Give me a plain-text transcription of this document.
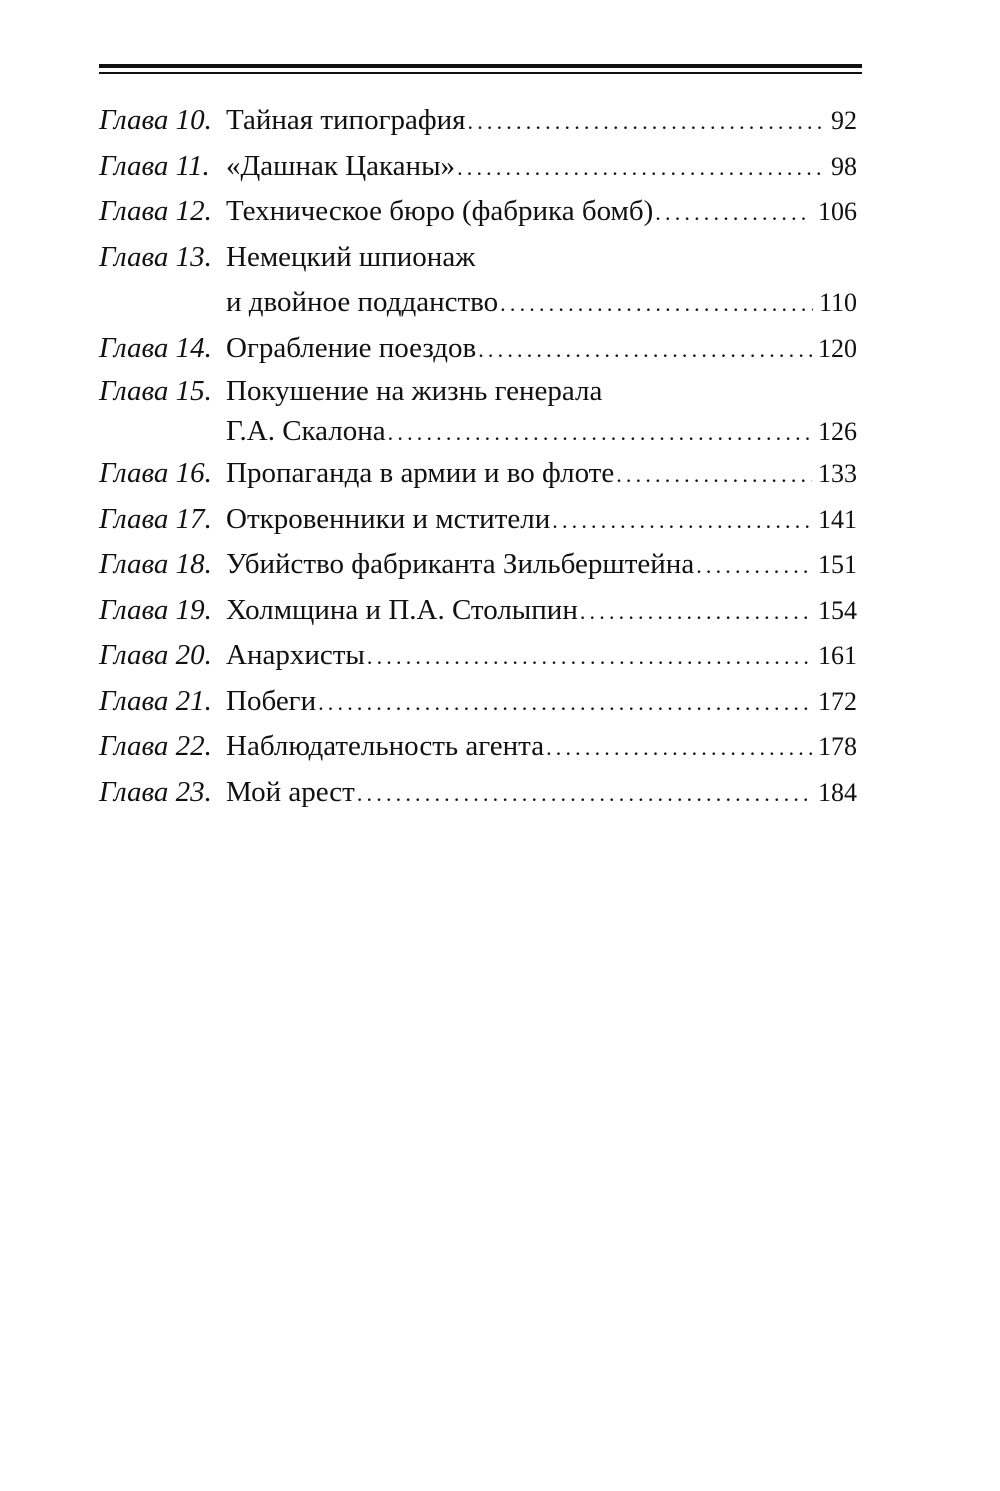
Глава 10. Тайная типография .....	92
Глава 11. «Дашнак Цаканы» .....	98
Глава 12. Техническое бюро (фабрика бомб) .....	106
Глава 13. Немецкий шпионаж
и двойное подданство .....	110
Глава 14. Ограбление поездов .....	120
Глава 15. Покушение на жизнь генерала
Г.А. Скалона .....	126
Глава 16. Пропаганда в армии и во флоте .....	133
Глава 17. Откровенники и мстители .....	141
Глава 18. Убийство фабриканта Зильберштейна .....	151
Глава 19. Холмщина и П.А. Столыпин .....	154
Глава 20. Анархисты .....	161
Глава 21. Побеги .....	172
Глава 22. Наблюдательность агента .....	178
Глава 23. Мой арест .....	184
